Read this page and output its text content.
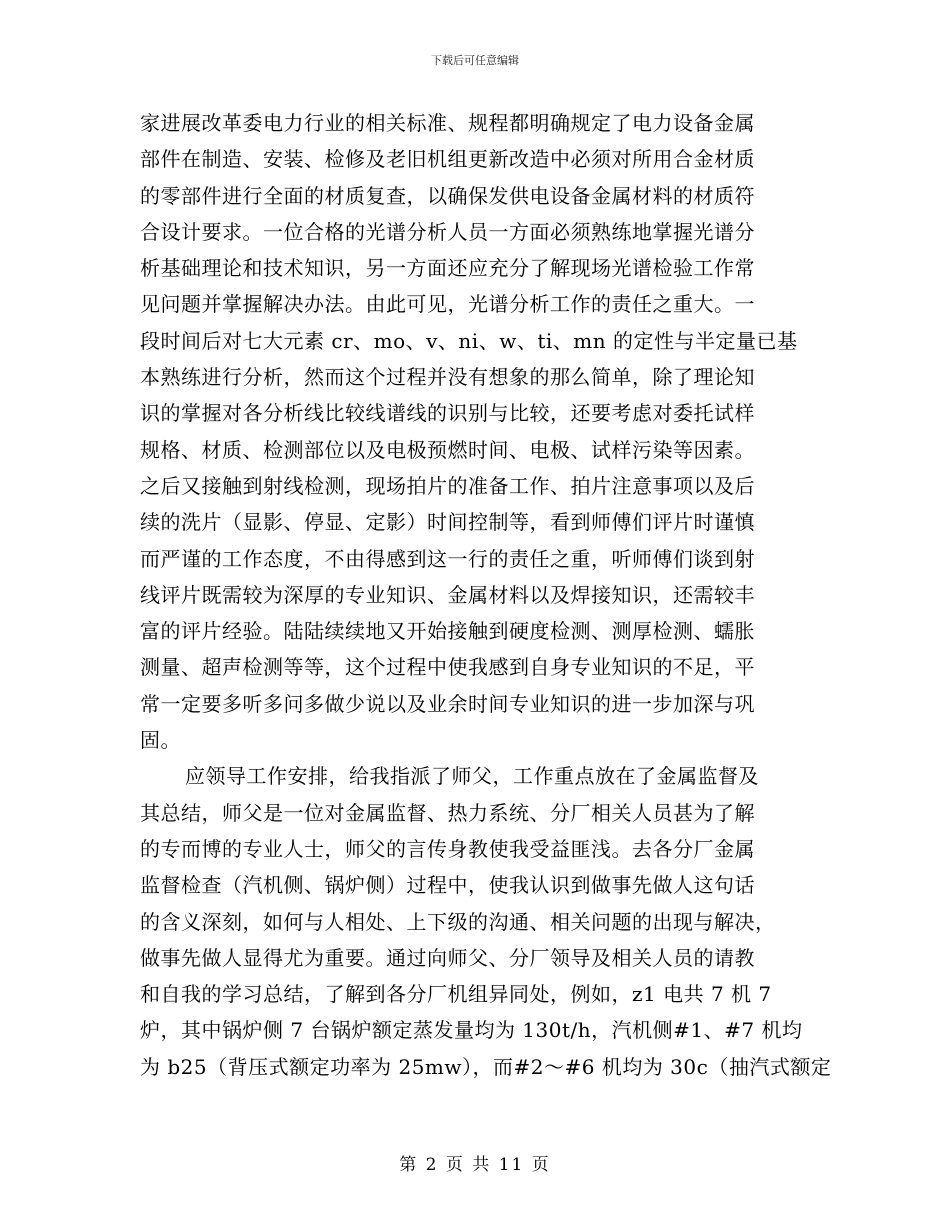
下载后可任意编辑
家进展改革委电力行业的相关标准、规程都明确规定了电力设备金属
部件在制造、安装、检修及老旧机组更新改造中必须对所用合金材质
的零部件进行全面的材质复查，以确保发供电设备金属材料的材质符
合设计要求。一位合格的光谱分析人员一方面必须熟练地掌握光谱分
析基础理论和技术知识，另一方面还应充分了解现场光谱检验工作常
见问题并掌握解决办法。由此可见，光谱分析工作的责任之重大。一
段时间后对七大元素 cr、mo、v、ni、w、ti、mn 的定性与半定量已基
本熟练进行分析，然而这个过程并没有想象的那么简单，除了理论知
识的掌握对各分析线比较线谱线的识别与比较，还要考虑对委托试样
规格、材质、检测部位以及电极预燃时间、电极、试样污染等因素。
之后又接触到射线检测，现场拍片的准备工作、拍片注意事项以及后
续的洗片（显影、停显、定影）时间控制等，看到师傅们评片时谨慎
而严谨的工作态度，不由得感到这一行的责任之重，听师傅们谈到射
线评片既需较为深厚的专业知识、金属材料以及焊接知识，还需较丰
富的评片经验。陆陆续续地又开始接触到硬度检测、测厚检测、蠕胀
测量、超声检测等等，这个过程中使我感到自身专业知识的不足，平
常一定要多听多问多做少说以及业余时间专业知识的进一步加深与巩
固。
应领导工作安排，给我指派了师父，工作重点放在了金属监督及
其总结，师父是一位对金属监督、热力系统、分厂相关人员甚为了解
的专而博的专业人士，师父的言传身教使我受益匪浅。去各分厂金属
监督检查（汽机侧、锅炉侧）过程中，使我认识到做事先做人这句话
的含义深刻，如何与人相处、上下级的沟通、相关问题的出现与解决，
做事先做人显得尤为重要。通过向师父、分厂领导及相关人员的请教
和自我的学习总结，了解到各分厂机组异同处，例如，z1 电共 7 机 7
炉，其中锅炉侧 7 台锅炉额定蒸发量均为 130t/h，汽机侧#1、#7 机均
为 b25（背压式额定功率为 25mw），而#2～#6 机均为 30c（抽汽式额定
第 2 页 共 11 页
